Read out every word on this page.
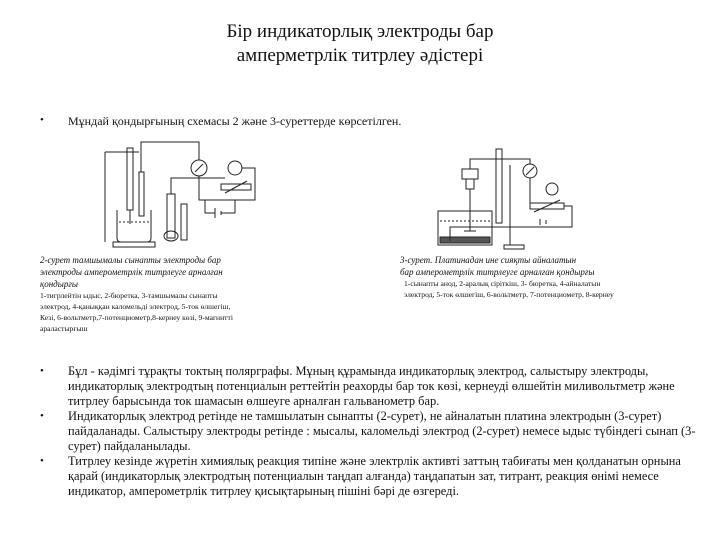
Бір индикаторлық электроды бар
амперметрлік титрлеу әдістері
• Мұндай қондырғының схемасы 2 және 3-суреттерде көрсетілген.
2-сурет тамшымалы сынапты электроды бар
электроды амперометрлік титрлеуге арналған
қондырғы
1-тигрлейтін ыдыс, 2-бюретка, 3-тамшымалы сынапты
электрод, 4-қаныққан каломельді электрод, 5-ток өлшегіш,
Кезі, 6-вольтметр,7-потенциометр,8-кернеу көзі, 9-магнитті
араластырғыш
3-сурет. Платинадан ине сияқты айналатын
бар амперометрлік титрлеуге арналған қондырғы
1-сынапты анод, 2-аралық сіріткіш, 3- бюретка, 4-айналатын
электрод, 5-ток өлшегіш, 6-вольтметр, 7-потенциометр, 8-кернеу
• Бұл - кәдімгі тұрақты токтың полярграфы. Мұның құрамында индикаторлық электрод, салыстыру электроды, индикаторлық электродтың потенциалын реттейтін реахорды бар ток көзі, кернеуді өлшейтін миливольтметр және титрлеу барысында ток шамасын өлшеуге арналған гальванометр бар.
• Индикаторлық электрод ретінде не тамшылатын сынапты (2-сурет), не айналатын платина электродын (3-сурет) пайдаланады. Салыстыру электроды ретінде : мысалы, каломельді электрод (2-сурет) немесе ыдыс түбіндегі сынап (3-сурет) пайдаланылады.
• Титрлеу кезінде жүретін химиялық реакция типіне және электрлік активті заттың табиғаты мен қолданатын орнына қарай (индикаторлық электродтың потенциалын таңдап алғанда) таңдапатын зат, титрант, реакция өнімі немесе индикатор, амперометрлік титрлеу қисықтарының пішіні бәрі де өзгереді.
